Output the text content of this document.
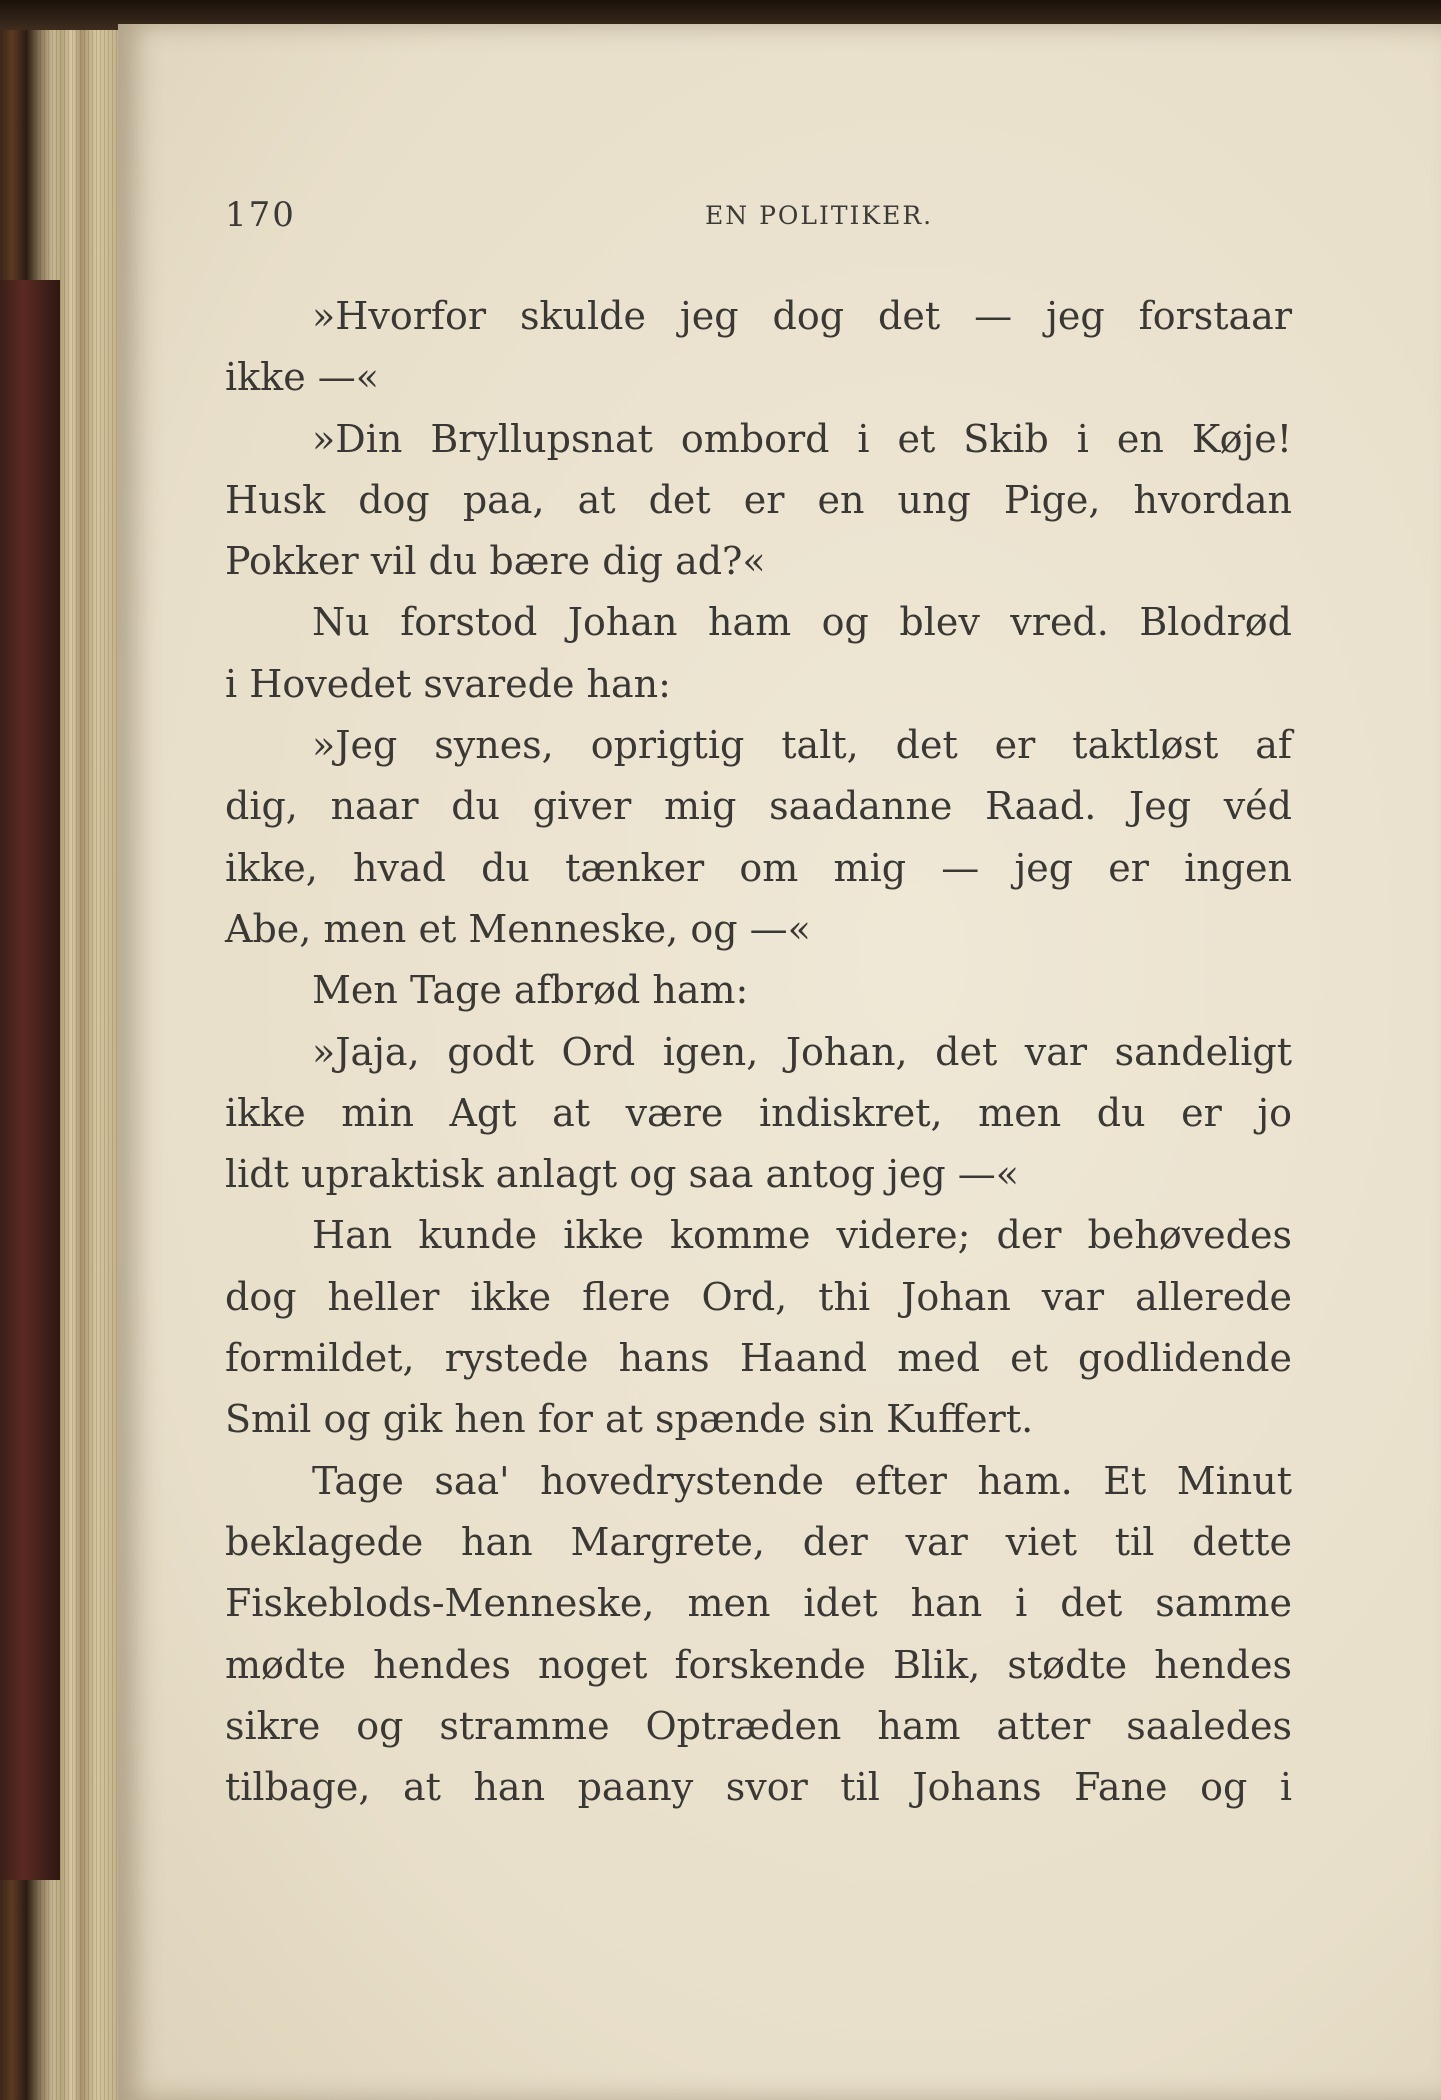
170	EN POLITIKER.
»Hvorfor skulde jeg dog det — jeg forstaar
ikke —«
»Din Bryllupsnat ombord i et Skib i en Køje!
Husk dog paa, at det er en ung Pige, hvordan
Pokker vil du bære dig ad?«
Nu forstod Johan ham og blev vred. Blodrød
i Hovedet svarede han:
»Jeg synes, oprigtig talt, det er taktløst af
dig, naar du giver mig saadanne Raad. Jeg véd
ikke, hvad du tænker om mig — jeg er ingen
Abe, men et Menneske, og —«
Men Tage afbrød ham:
»Jaja, godt Ord igen, Johan, det var sandeligt
ikke min Agt at være indiskret, men du er jo
lidt upraktisk anlagt og saa antog jeg —«
Han kunde ikke komme videre; der behøvedes
dog heller ikke flere Ord, thi Johan var allerede
formildet, rystede hans Haand med et godlidende
Smil og gik hen for at spænde sin Kuffert.
Tage saa' hovedrystende efter ham. Et Minut
beklagede han Margrete, der var viet til dette
Fiskeblods-Menneske, men idet han i det samme
mødte hendes noget forskende Blik, stødte hendes
sikre og stramme Optræden ham atter saaledes
tilbage, at han paany svor til Johans Fane og i
